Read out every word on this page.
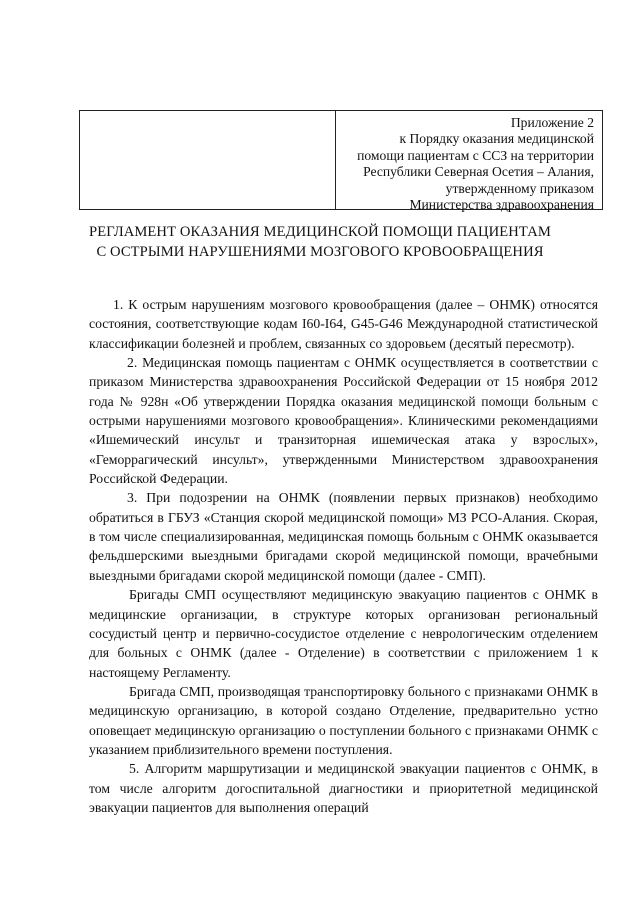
Приложение 2
к Порядку оказания медицинской
помощи пациентам с ССЗ на территории
Республики Северная Осетия – Алания,
утвержденному приказом
Министерства здравоохранения
РЕГЛАМЕНТ ОКАЗАНИЯ МЕДИЦИНСКОЙ ПОМОЩИ ПАЦИЕНТАМ
С ОСТРЫМИ НАРУШЕНИЯМИ МОЗГОВОГО КРОВООБРАЩЕНИЯ

1. К острым нарушениям мозгового кровообращения (далее – ОНМК) относятся состояния, соответствующие кодам I60-I64, G45-G46 Международной статистической классификации болезней и проблем, связанных со здоровьем (десятый пересмотр).

2. Медицинская помощь пациентам с ОНМК осуществляется в соответствии с приказом Министерства здравоохранения Российской Федерации от 15 ноября 2012 года № 928н «Об утверждении Порядка оказания медицинской помощи больным с острыми нарушениями мозгового кровообращения». Клиническими рекомендациями «Ишемический инсульт и транзиторная ишемическая атака у взрослых», «Геморрагический инсульт», утвержденными Министерством здравоохранения Российской Федерации.

3. При подозрении на ОНМК (появлении первых признаков) необходимо обратиться в ГБУЗ «Станция скорой медицинской помощи» МЗ РСО-Алания. Скорая, в том числе специализированная, медицинская помощь больным с ОНМК оказывается фельдшерскими выездными бригадами скорой медицинской помощи, врачебными выездными бригадами скорой медицинской помощи (далее - СМП).

Бригады СМП осуществляют медицинскую эвакуацию пациентов с ОНМК в медицинские организации, в структуре которых организован региональный сосудистый центр и первично-сосудистое отделение с неврологическим отделением для больных с ОНМК (далее - Отделение) в соответствии с приложением 1 к настоящему Регламенту.

Бригада СМП, производящая транспортировку больного с признаками ОНМК в медицинскую организацию, в которой создано Отделение, предварительно устно оповещает медицинскую организацию о поступлении больного с признаками ОНМК с указанием приблизительного времени поступления.

5. Алгоритм маршрутизации и медицинской эвакуации пациентов с ОНМК, в том числе алгоритм догоспитальной диагностики и приоритетной медицинской эвакуации пациентов для выполнения операций
